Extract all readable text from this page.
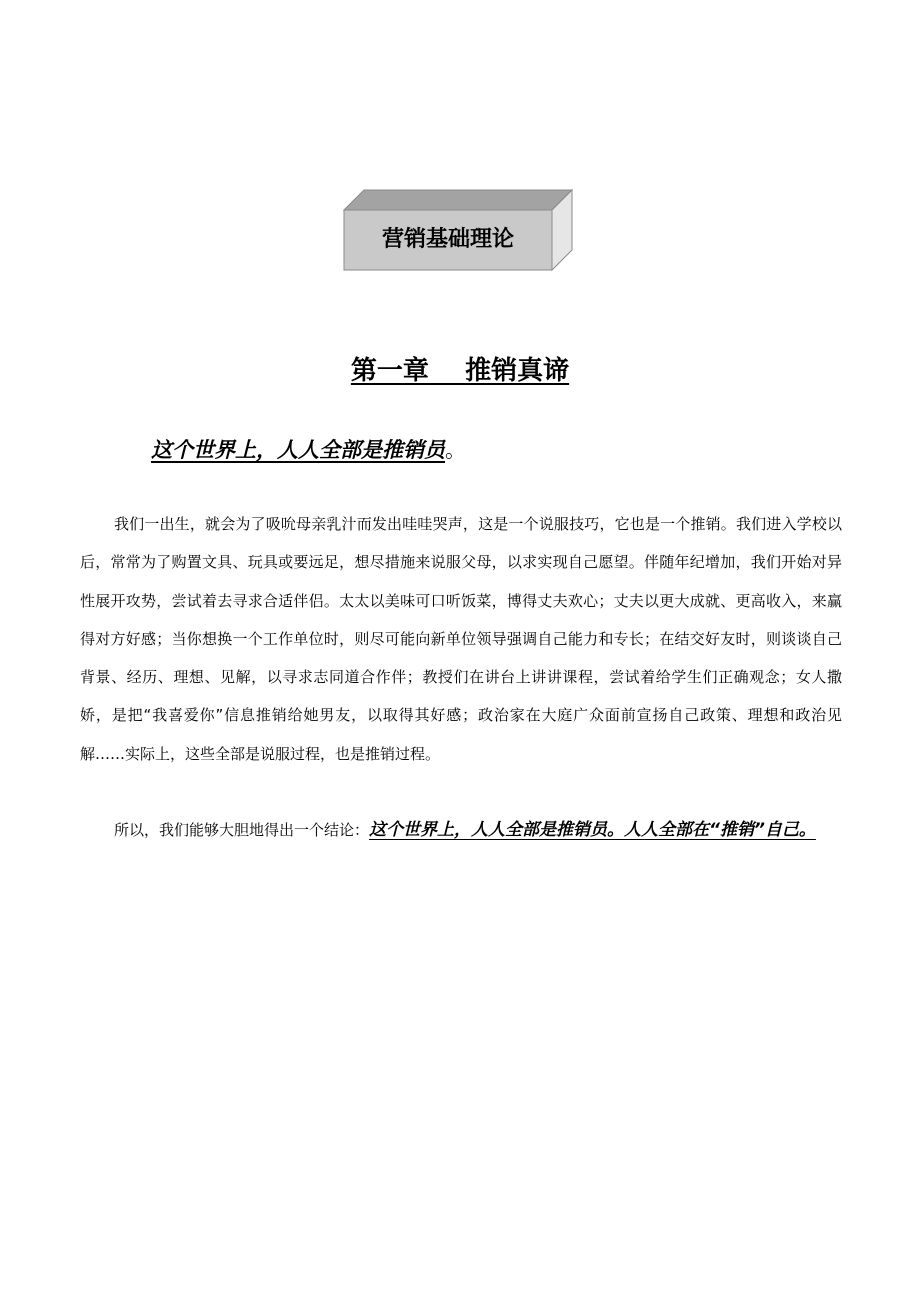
营销基础理论
第一章    推销真谛
这个世界上，人人全部是推销员。

我们一出生，就会为了吸吮母亲乳汁而发出哇哇哭声，这是一个说服技巧，它也是一个推销。我们进入学校以后，常常为了购置文具、玩具或要远足，想尽措施来说服父母，以求实现自己愿望。伴随年纪增加，我们开始对异性展开攻势，尝试着去寻求合适伴侣。太太以美味可口听饭菜，博得丈夫欢心；丈夫以更大成就、更高收入，来赢得对方好感；当你想换一个工作单位时，则尽可能向新单位领导强调自己能力和专长；在结交好友时，则谈谈自己背景、经历、理想、见解，以寻求志同道合作伴；教授们在讲台上讲讲课程，尝试着给学生们正确观念；女人撒娇，是把“我喜爱你”信息推销给她男友，以取得其好感；政治家在大庭广众面前宣扬自己政策、理想和政治见解……实际上，这些全部是说服过程，也是推销过程。

所以，我们能够大胆地得出一个结论：这个世界上，人人全部是推销员。人人全部在“推销”自己。
